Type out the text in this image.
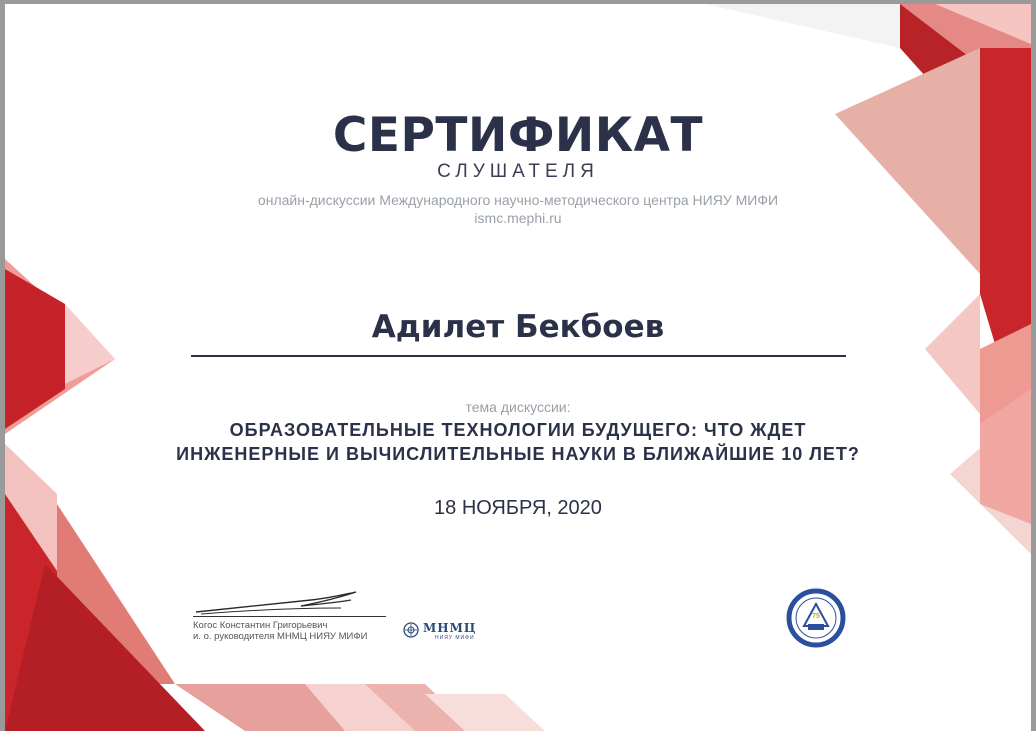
СЕРТИФИКАТ

СЛУШАТЕЛЯ

онлайн-дискуссии Международного научно-методического центра НИЯУ МИФИ

ismc.mephi.ru

Адилет Бекбоев

тема дискуссии:

ОБРАЗОВАТЕЛЬНЫЕ ТЕХНОЛОГИИ БУДУЩЕГО: ЧТО ЖДЕТ

ИНЖЕНЕРНЫЕ И ВЫЧИСЛИТЕЛЬНЫЕ НАУКИ В БЛИЖАЙШИЕ 10 ЛЕТ?

18 НОЯБРЯ, 2020

Когос Константин Григорьевич
и. о. руководителя МНМЦ НИЯУ МИФИ
МНМЦ
НИЯУ МИФИ
75
